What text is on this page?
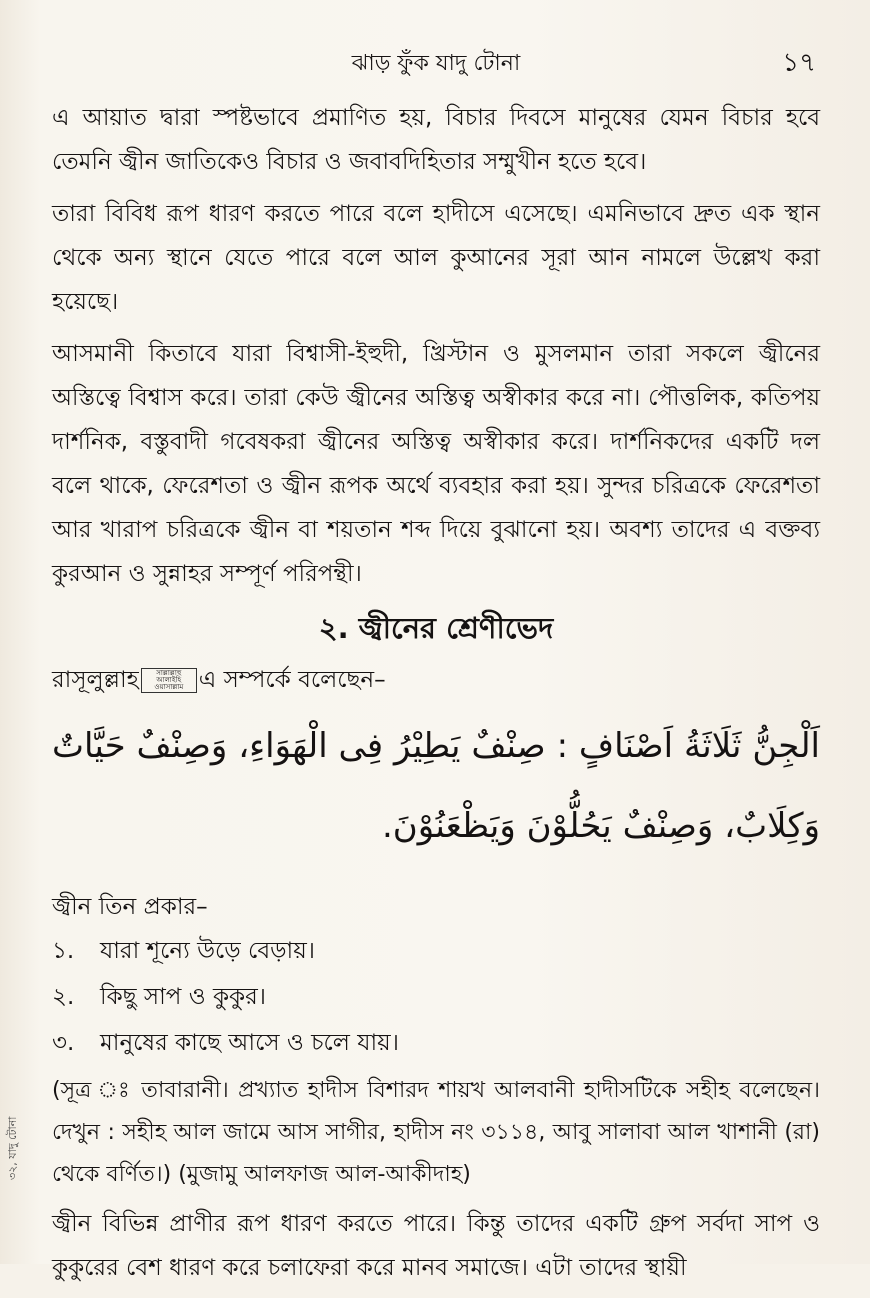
ঝাড় ফুঁক যাদু টোনা	১৭

এ আয়াত দ্বারা স্পষ্টভাবে প্রমাণিত হয়, বিচার দিবসে মানুষের যেমন বিচার হবে তেমনি জ্বীন জাতিকেও বিচার ও জবাবদিহিতার সম্মুখীন হতে হবে।

তারা বিবিধ রূপ ধারণ করতে পারে বলে হাদীসে এসেছে। এমনিভাবে দ্রুত এক স্থান থেকে অন্য স্থানে যেতে পারে বলে আল কুআনের সূরা আন নামলে উল্লেখ করা হয়েছে।

আসমানী কিতাবে যারা বিশ্বাসী-ইহুদী, খ্রিস্টান ও মুসলমান তারা সকলে জ্বীনের অস্তিত্বে বিশ্বাস করে। তারা কেউ জ্বীনের অস্তিত্ব অস্বীকার করে না। পৌত্তলিক, কতিপয় দার্শনিক, বস্তুবাদী গবেষকরা জ্বীনের অস্তিত্ব অস্বীকার করে। দার্শনিকদের একটি দল বলে থাকে, ফেরেশতা ও জ্বীন রূপক অর্থে ব্যবহার করা হয়। সুন্দর চরিত্রকে ফেরেশতা আর খারাপ চরিত্রকে জ্বীন বা শয়তান শব্দ দিয়ে বুঝানো হয়। অবশ্য তাদের এ বক্তব্য কুরআন ও সুন্নাহর সম্পূর্ণ পরিপন্থী।

২. জ্বীনের শ্রেণীভেদ
রাসূলুল্লাহ সাল্লাল্লাহু আলাইহি ওয়াসাল্লাম এ সম্পর্কে বলেছেন–
اَلْجِنُّ ثَلَاثَةُ اَصْنَافٍ : صِنْفٌ يَطِيْرُ فِى الْهَوَاءِ، وَصِنْفٌ حَيَّاتٌ وَكِلَابٌ، وَصِنْفٌ يَحُلُّوْنَ وَيَظْعَنُوْنَ.
জ্বীন তিন প্রকার–
১.	যারা শূন্যে উড়ে বেড়ায়।
২.	কিছু সাপ ও কুকুর।
৩.	মানুষের কাছে আসে ও চলে যায়।

(সূত্র ঃ তাবারানী। প্রখ্যাত হাদীস বিশারদ শায়খ আলবানী হাদীসটিকে সহীহ বলেছেন। দেখুন : সহীহ আল জামে আস সাগীর, হাদীস নং ৩১১৪, আবু সালাবা আল খাশানী (রা) থেকে বর্ণিত।) (মুজামু আলফাজ আল-আকীদাহ)

জ্বীন বিভিন্ন প্রাণীর রূপ ধারণ করতে পারে। কিন্তু তাদের একটি গ্রুপ সর্বদা সাপ ও কুকুরের বেশ ধারণ করে চলাফেরা করে মানব সমাজে। এটা তাদের স্থায়ী

৩২, যাদু টোনা
